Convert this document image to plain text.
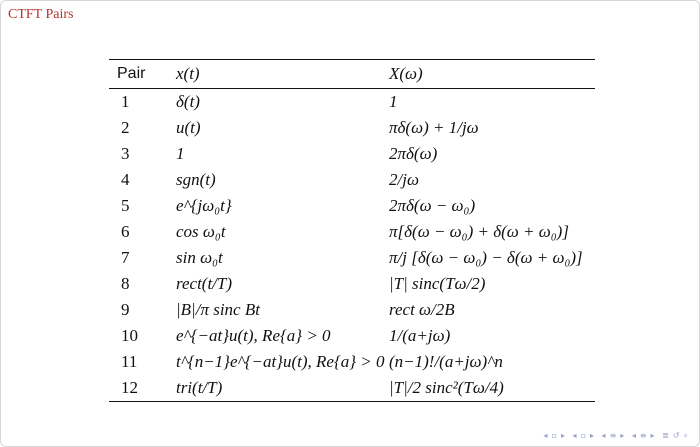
CTFT Pairs
Pair	x(t)	X(ω)
1	δ(t)	1
2	u(t)	πδ(ω) + 1/jω
3	1	2πδ(ω)
4	sgn(t)	2/jω
5	e^{jω₀t}	2πδ(ω − ω₀)
6	cos ω₀t	π[δ(ω − ω₀) + δ(ω + ω₀)]
7	sin ω₀t	π/j [δ(ω − ω₀) − δ(ω + ω₀)]
8	rect(t/T)	|T| sinc(Tω/2)
9	|B|/π sinc Bt	rect ω/2B
10	e^{−at}u(t), Re{a} > 0	1/(a+jω)
11	t^{n−1}e^{−at}u(t), Re{a} > 0	(n−1)!/(a+jω)^n
12	tri(t/T)	|T|/2 sinc²(Tω/4)
◂ ▫ ▸ ◂ ▫ ▸ ◂ ≡ ▸ ◂ ≡ ▸ ≣ ↺ ⌕
